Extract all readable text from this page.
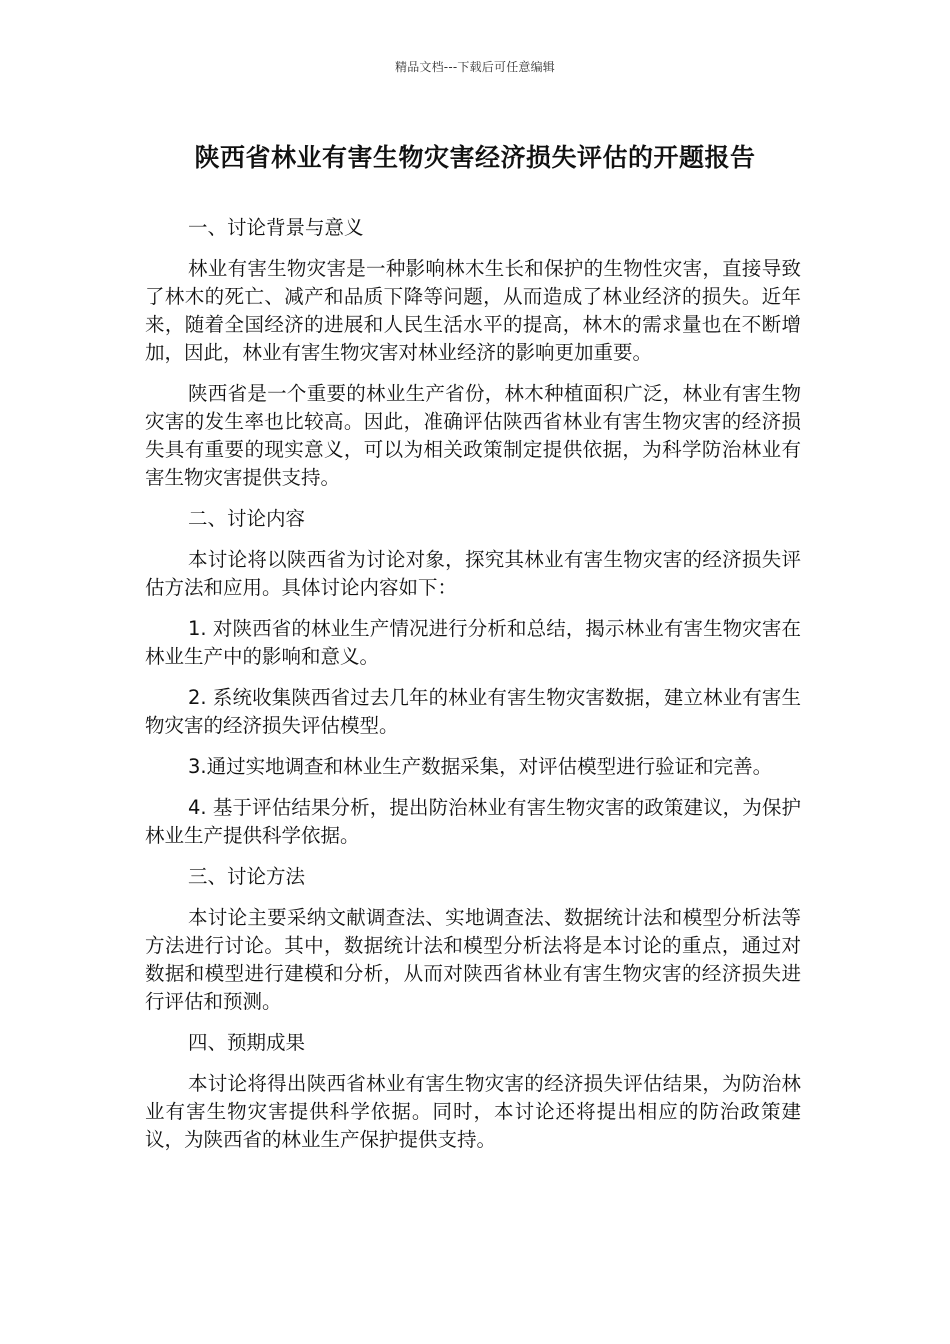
精品文档---下载后可任意编辑
陕西省林业有害生物灾害经济损失评估的开题报告
一、讨论背景与意义

林业有害生物灾害是一种影响林木生长和保护的生物性灾害，直接导致了林木的死亡、减产和品质下降等问题，从而造成了林业经济的损失。近年来，随着全国经济的进展和人民生活水平的提高，林木的需求量也在不断增加，因此，林业有害生物灾害对林业经济的影响更加重要。

陕西省是一个重要的林业生产省份，林木种植面积广泛，林业有害生物灾害的发生率也比较高。因此，准确评估陕西省林业有害生物灾害的经济损失具有重要的现实意义，可以为相关政策制定提供依据，为科学防治林业有害生物灾害提供支持。

二、讨论内容

本讨论将以陕西省为讨论对象，探究其林业有害生物灾害的经济损失评估方法和应用。具体讨论内容如下：

1. 对陕西省的林业生产情况进行分析和总结，揭示林业有害生物灾害在林业生产中的影响和意义。

2. 系统收集陕西省过去几年的林业有害生物灾害数据，建立林业有害生物灾害的经济损失评估模型。

3.通过实地调查和林业生产数据采集，对评估模型进行验证和完善。

4. 基于评估结果分析，提出防治林业有害生物灾害的政策建议，为保护林业生产提供科学依据。

三、讨论方法

本讨论主要采纳文献调查法、实地调查法、数据统计法和模型分析法等方法进行讨论。其中，数据统计法和模型分析法将是本讨论的重点，通过对数据和模型进行建模和分析，从而对陕西省林业有害生物灾害的经济损失进行评估和预测。

四、预期成果

本讨论将得出陕西省林业有害生物灾害的经济损失评估结果，为防治林业有害生物灾害提供科学依据。同时，本讨论还将提出相应的防治政策建议，为陕西省的林业生产保护提供支持。
